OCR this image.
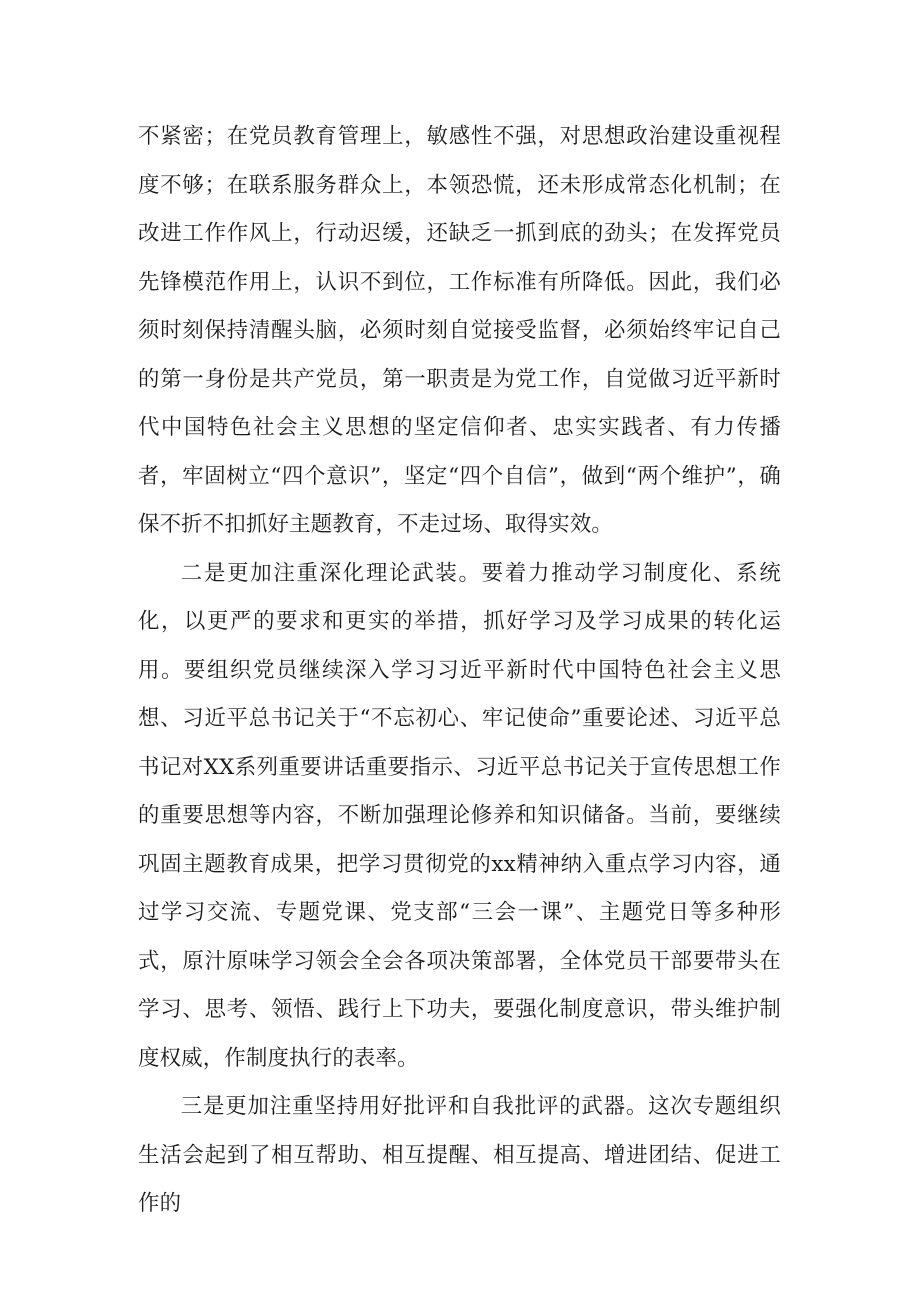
不紧密；在党员教育管理上，敏感性不强，对思想政治建设重视程度不够；在联系服务群众上，本领恐慌，还未形成常态化机制；在改进工作作风上，行动迟缓，还缺乏一抓到底的劲头；在发挥党员先锋模范作用上，认识不到位，工作标准有所降低。因此，我们必须时刻保持清醒头脑，必须时刻自觉接受监督，必须始终牢记自己的第一身份是共产党员，第一职责是为党工作，自觉做习近平新时代中国特色社会主义思想的坚定信仰者、忠实实践者、有力传播者，牢固树立“四个意识”，坚定“四个自信”，做到“两个维护”，确保不折不扣抓好主题教育，不走过场、取得实效。

二是更加注重深化理论武装。要着力推动学习制度化、系统化，以更严的要求和更实的举措，抓好学习及学习成果的转化运用。要组织党员继续深入学习习近平新时代中国特色社会主义思想、习近平总书记关于“不忘初心、牢记使命”重要论述、习近平总书记对XX系列重要讲话重要指示、习近平总书记关于宣传思想工作的重要思想等内容，不断加强理论修养和知识储备。当前，要继续巩固主题教育成果，把学习贯彻党的xx精神纳入重点学习内容，通过学习交流、专题党课、党支部“三会一课”、主题党日等多种形式，原汁原味学习领会全会各项决策部署，全体党员干部要带头在学习、思考、领悟、践行上下功夫，要强化制度意识，带头维护制度权威，作制度执行的表率。

三是更加注重坚持用好批评和自我批评的武器。这次专题组织生活会起到了相互帮助、相互提醒、相互提高、增进团结、促进工作的
